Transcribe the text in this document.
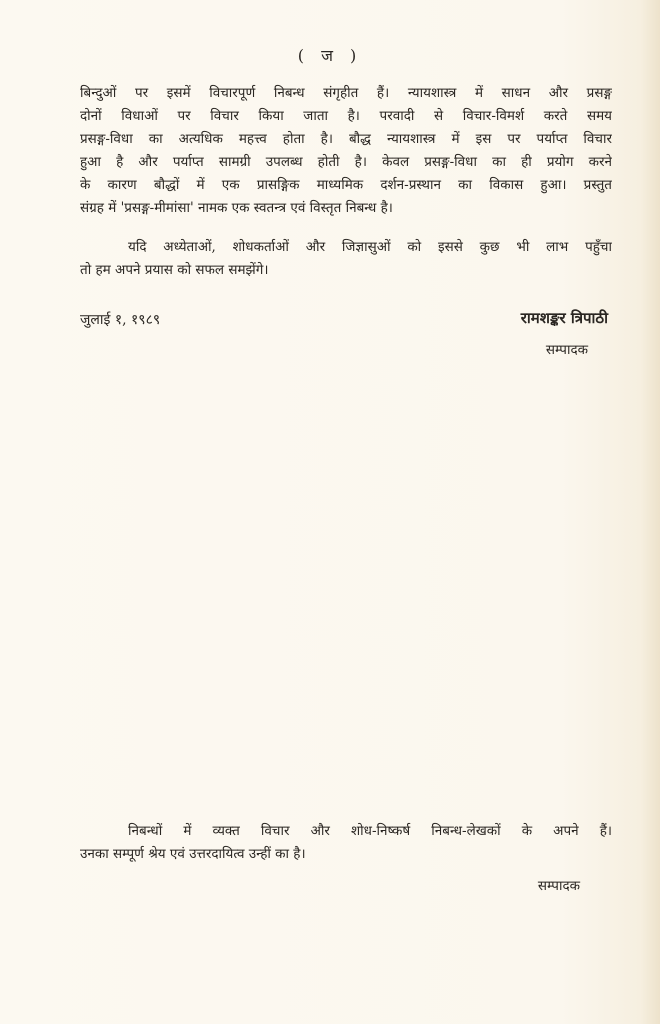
( ज )
बिन्दुओं पर इसमें विचारपूर्ण निबन्ध संगृहीत हैं। न्यायशास्त्र में साधन और प्रसङ्ग
दोनों विधाओं पर विचार किया जाता है। परवादी से विचार-विमर्श करते समय
प्रसङ्ग-विधा का अत्यधिक महत्त्व होता है। बौद्ध न्यायशास्त्र में इस पर पर्याप्त विचार
हुआ है और पर्याप्त सामग्री उपलब्ध होती है। केवल प्रसङ्ग-विधा का ही प्रयोग करने
के कारण बौद्धों में एक प्रासङ्गिक माध्यमिक दर्शन-प्रस्थान का विकास हुआ। प्रस्तुत
संग्रह में 'प्रसङ्ग-मीमांसा' नामक एक स्वतन्त्र एवं विस्तृत निबन्ध है।
यदि अध्येताओं, शोधकर्ताओं और जिज्ञासुओं को इससे कुछ भी लाभ पहुँचा
तो हम अपने प्रयास को सफल समझेंगे।
जुलाई १, १९८९	रामशङ्कर त्रिपाठी
सम्पादक
निबन्धों में व्यक्त विचार और शोध-निष्कर्ष निबन्ध-लेखकों के अपने हैं।
उनका सम्पूर्ण श्रेय एवं उत्तरदायित्व उन्हीं का है।
सम्पादक
